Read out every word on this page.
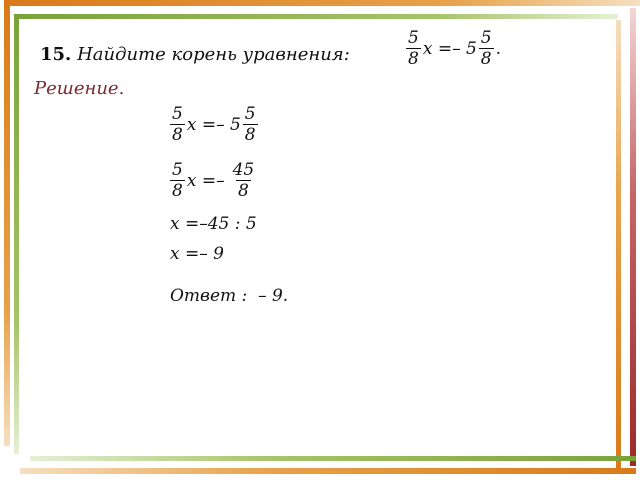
15. Найдите корень уравнения:	$\frac{5}{8}$ $x =- 5 \frac{5}{8}$ .
Решение.
$\frac{5}{8}$ $x =- 5 \frac{5}{8}$
$\frac{5}{8}$ $x =- \frac{45}{8}$
x =–45 : 5
x =– 9
Ответ :  – 9.
